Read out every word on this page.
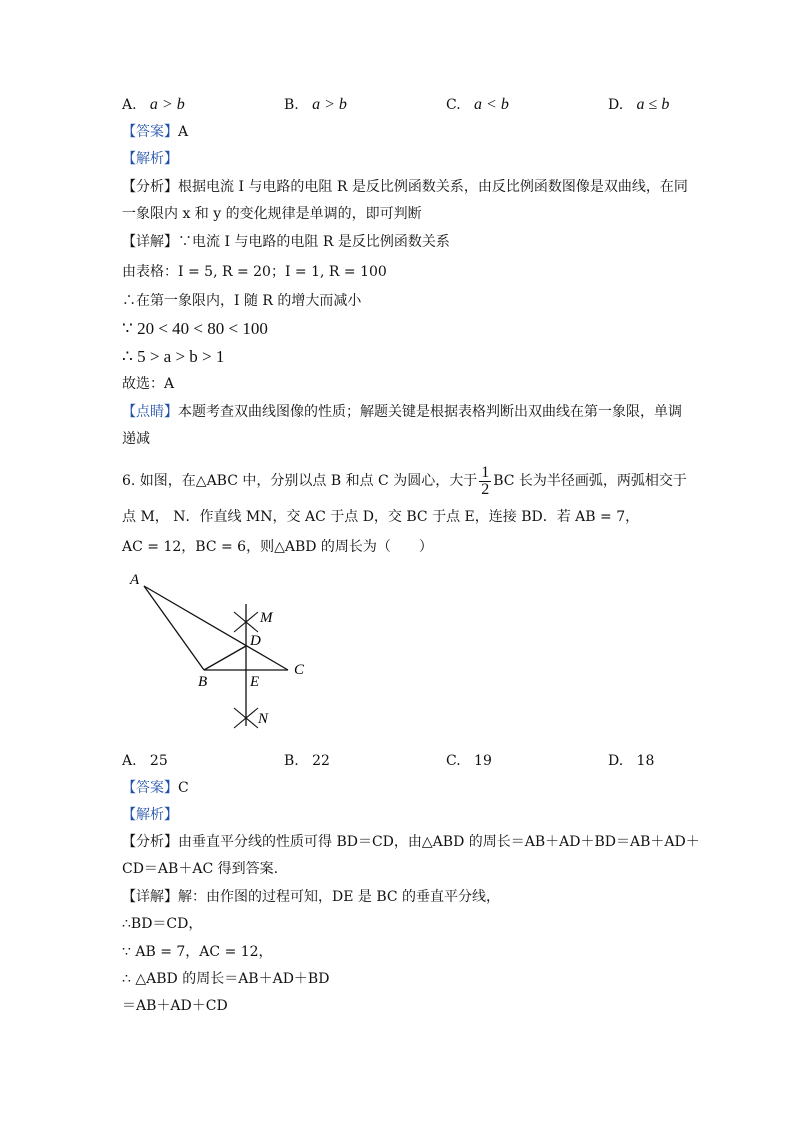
A. a > b	B. a > b	C. a < b	D. a ≤ b
【答案】A
【解析】
【分析】根据电流 I 与电路的电阻 R 是反比例函数关系，由反比例函数图像是双曲线，在同
一象限内 x 和 y 的变化规律是单调的，即可判断
【详解】∵电流 I 与电路的电阻 R 是反比例函数关系
由表格：I = 5, R = 20；I = 1, R = 100
∴在第一象限内，I 随 R 的增大而减小
∵ 20 < 40 < 80 < 100
∴ 5 > a > b > 1
故选：A
【点睛】本题考查双曲线图像的性质；解题关键是根据表格判断出双曲线在第一象限，单调
递减
6. 如图，在△ABC 中，分别以点 B 和点 C 为圆心，大于 $\frac{1}{2}$ BC 长为半径画弧，两弧相交于
点 M， N．作直线 MN，交 AC 于点 D，交 BC 于点 E，连接 BD．若 AB = 7，
AC = 12，BC = 6，则△ABD 的周长为（　　）
A
M
D
C
B	E
N
A. 25	B. 22	C. 19	D. 18
【答案】C
【解析】
【分析】由垂直平分线的性质可得 BD＝CD，由△ABD 的周长＝AB＋AD＋BD＝AB＋AD＋
CD＝AB＋AC 得到答案.
【详解】解：由作图的过程可知，DE 是 BC 的垂直平分线，
∴BD＝CD，
∵ AB = 7，AC = 12，
∴ △ABD 的周长＝AB＋AD＋BD
＝AB＋AD＋CD
